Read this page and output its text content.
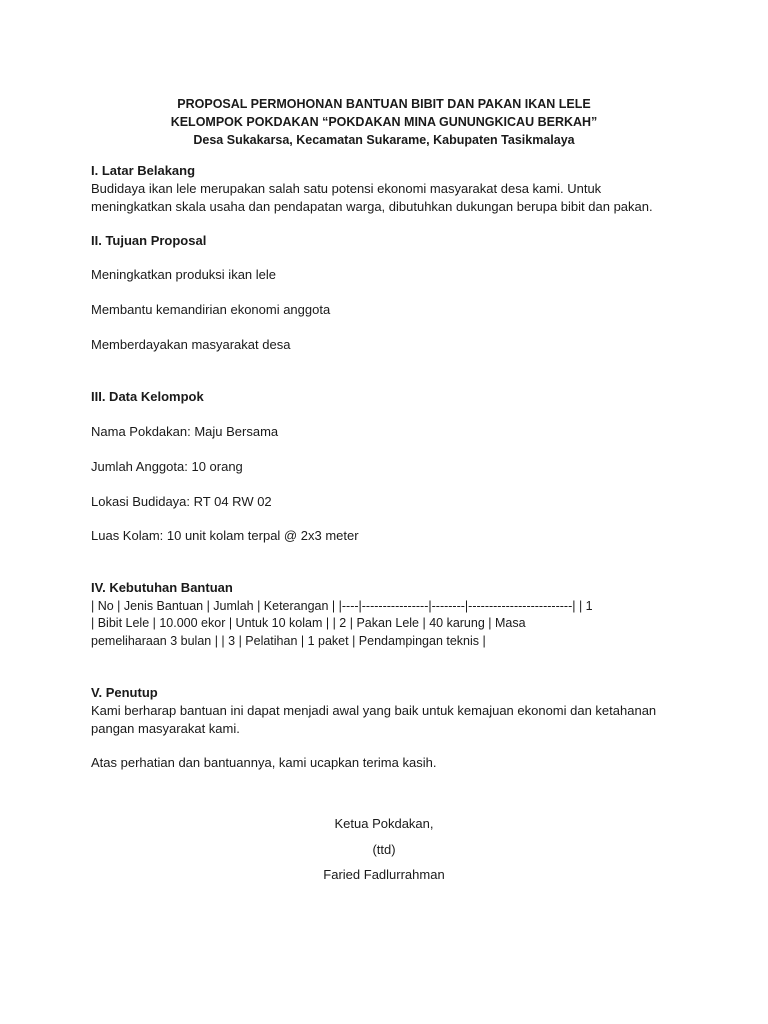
PROPOSAL PERMOHONAN BANTUAN BIBIT DAN PAKAN IKAN LELE
KELOMPOK POKDAKAN “POKDAKAN MINA GUNUNGKICAU BERKAH”
Desa Sukakarsa, Kecamatan Sukarame, Kabupaten Tasikmalaya
I. Latar Belakang

Budidaya ikan lele merupakan salah satu potensi ekonomi masyarakat desa kami. Untuk meningkatkan skala usaha dan pendapatan warga, dibutuhkan dukungan berupa bibit dan pakan.

II. Tujuan Proposal
Meningkatkan produksi ikan lele
Membantu kemandirian ekonomi anggota
Memberdayakan masyarakat desa
III. Data Kelompok
Nama Pokdakan: Maju Bersama
Jumlah Anggota: 10 orang
Lokasi Budidaya: RT 04 RW 02
Luas Kolam: 10 unit kolam terpal @ 2x3 meter
IV. Kebutuhan Bantuan
| No | Jenis Bantuan | Jumlah | Keterangan | |----|----------------|--------|-------------------------| | 1
| Bibit Lele | 10.000 ekor | Untuk 10 kolam | | 2 | Pakan Lele | 40 karung | Masa
pemeliharaan 3 bulan | | 3 | Pelatihan | 1 paket | Pendampingan teknis |
V. Penutup

Kami berharap bantuan ini dapat menjadi awal yang baik untuk kemajuan ekonomi dan ketahanan pangan masyarakat kami.

Atas perhatian dan bantuannya, kami ucapkan terima kasih.
Ketua Pokdakan,
(ttd)
Faried Fadlurrahman
